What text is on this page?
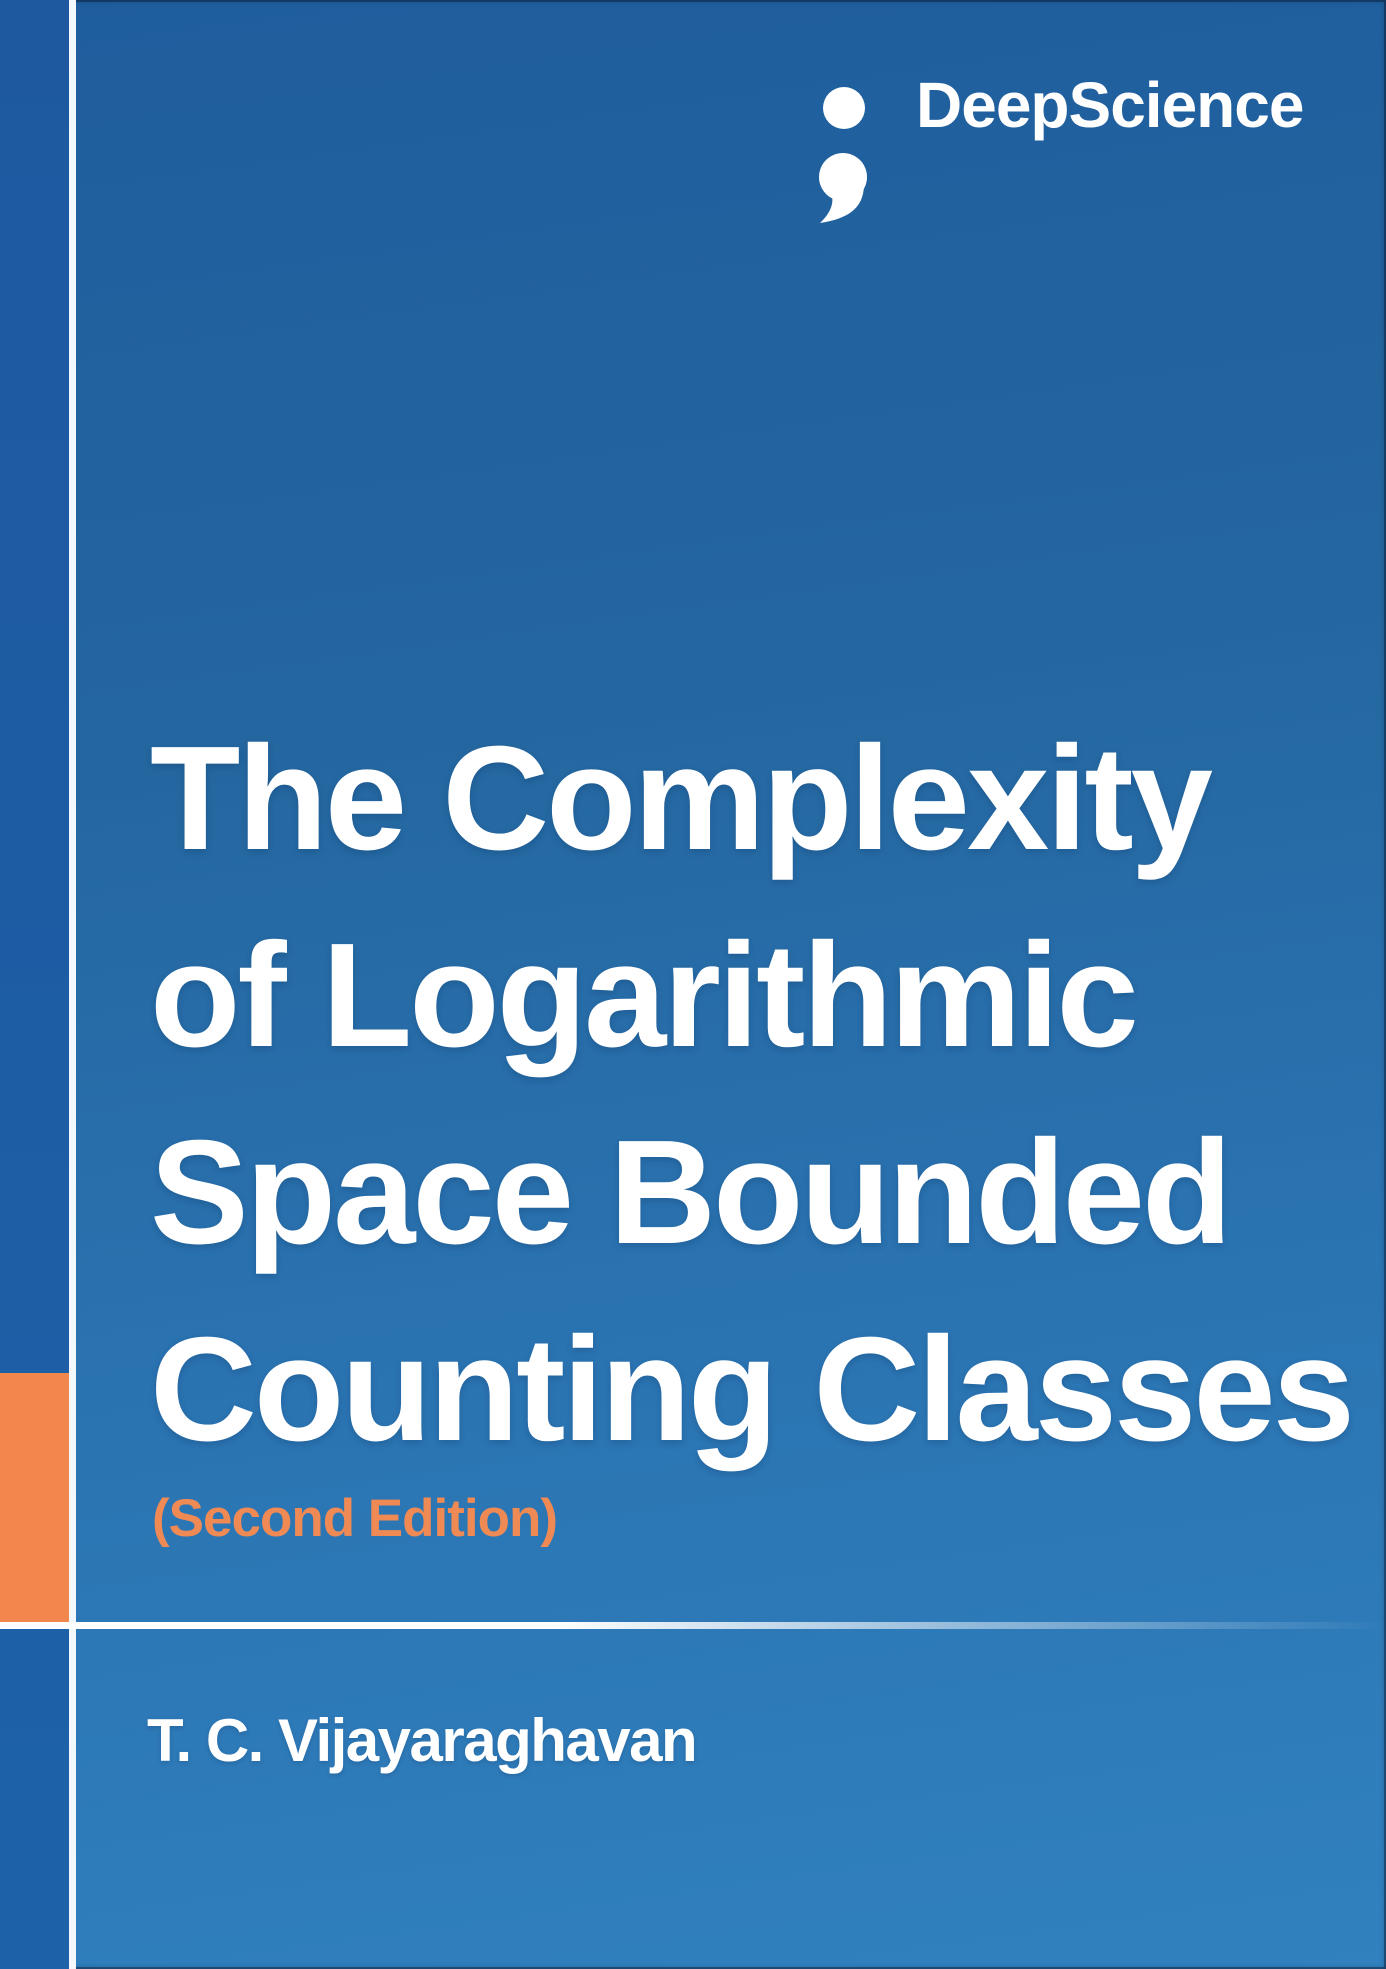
DeepScience
The Complexity
of Logarithmic
Space Bounded
Counting Classes
(Second Edition)
T. C. Vijayaraghavan
